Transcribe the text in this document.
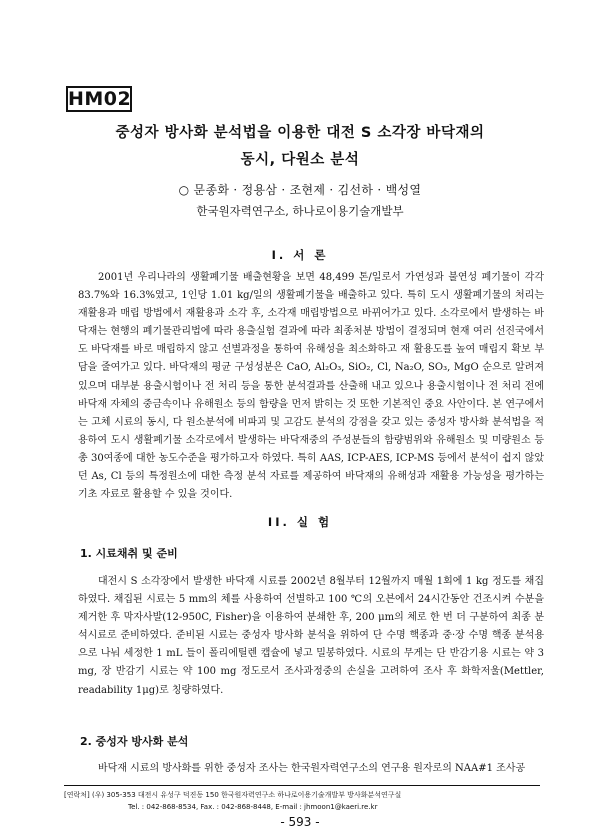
HM02
중성자 방사화 분석법을 이용한 대전 S 소각장 바닥재의
동시, 다원소 분석
○ 문종화 · 정용삼 · 조현제 · 김선하 · 백성열
한국원자력연구소, 하나로이용기술개발부
I. 서 론

2001년 우리나라의 생활폐기물 배출현황을 보면 48,499 톤/일로서 가연성과 불연성 폐기물이 각각 83.7%와 16.3%였고, 1인당 1.01 kg/일의 생활폐기물을 배출하고 있다. 특히 도시 생활폐기물의 처리는 재활용과 매립 방법에서 재활용과 소각 후, 소각재 매립방법으로 바뀌어가고 있다. 소각로에서 발생하는 바닥재는 현행의 폐기물관리법에 따라 용출실험 결과에 따라 최종처분 방법이 결정되며 현재 여러 선진국에서도 바닥재를 바로 매립하지 않고 선별과정을 통하여 유해성을 최소화하고 재 활용도를 높여 매립지 확보 부담을 줄여가고 있다. 바닥재의 평균 구성성분은 CaO, Al₂O₃, SiO₂, Cl, Na₂O, SO₃, MgO 순으로 알려져 있으며 대부분 용출시험이나 전 처리 등을 통한 분석결과를 산출해 내고 있으나 용출시험이나 전 처리 전에 바닥재 자체의 중금속이나 유해원소 등의 함량을 먼저 밝히는 것 또한 기본적인 중요 사안이다. 본 연구에서는 고체 시료의 동시, 다 원소분석에 비파괴 및 고감도 분석의 강점을 갖고 있는 중성자 방사화 분석법을 적용하여 도시 생활폐기물 소각로에서 발생하는 바닥재중의 주성분들의 함량범위와 유해원소 및 미량원소 등 총 30여종에 대한 농도수준을 평가하고자 하였다. 특히 AAS, ICP-AES, ICP-MS 등에서 분석이 쉽지 않았던 As, Cl 등의 특정원소에 대한 측정 분석 자료를 제공하여 바닥재의 유해성과 재활용 가능성을 평가하는 기초 자료로 활용할 수 있을 것이다.

II. 실 험
1. 시료채취 및 준비

대전시 S 소각장에서 발생한 바닥재 시료를 2002년 8월부터 12월까지 매월 1회에 1 kg 정도를 채집하였다. 채집된 시료는 5 mm의 체를 사용하여 선별하고 100 ℃의 오븐에서 24시간동안 건조시켜 수분을 제거한 후 막자사발(12-950C, Fisher)을 이용하여 분쇄한 후, 200 μm의 체로 한 번 더 구분하여 최종 분석시료로 준비하였다. 준비된 시료는 중성자 방사화 분석을 위하여 단 수명 핵종과 중·장 수명 핵종 분석용으로 나눠 세정한 1 mL 들이 폴리에틸렌 캡슐에 넣고 밀봉하였다. 시료의 무게는 단 반감기용 시료는 약 3 mg, 장 반감기 시료는 약 100 mg 정도로서 조사과정중의 손실을 고려하여 조사 후 화학저울(Mettler, readability 1μg)로 칭량하였다.

2. 중성자 방사화 분석

바닥재 시료의 방사화를 위한 중성자 조사는 한국원자력연구소의 연구용 원자로의 NAA#1 조사공

[연락처] (우) 305-353 대전시 유성구 덕진동 150 한국원자력연구소 하나로이용기술개발부 방사화분석연구실
Tel. : 042-868-8534, Fax. : 042-868-8448, E-mail : jhmoon1@kaeri.re.kr
- 593 -
